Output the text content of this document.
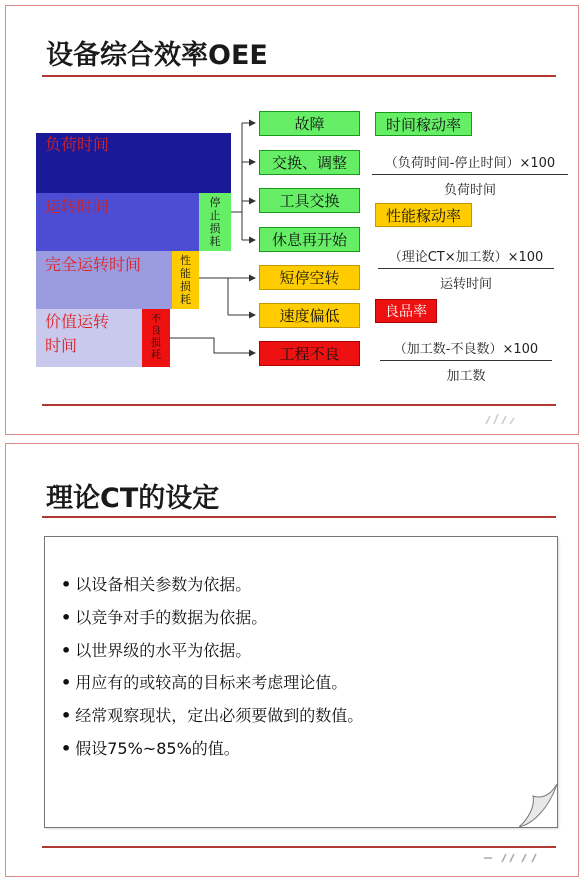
设备综合效率OEE
负荷时间
运转时间
完全运转时间
价值运转
时间
停止损耗
性能损耗
不良损耗
故障
交换、调整
工具交换
休息再开始
短停空转
速度偏低
工程不良
时间稼动率
性能稼动率
良品率
（负荷时间-停止时间）×100
负荷时间
（理论CT×加工数）×100
运转时间
（加工数-不良数）×100
加工数
理论CT的设定
• 以设备相关参数为依据。
• 以竞争对手的数据为依据。
• 以世界级的水平为依据。
• 用应有的或较高的目标来考虑理论值。
• 经常观察现状，定出必须要做到的数值。
• 假设75%~85%的值。
